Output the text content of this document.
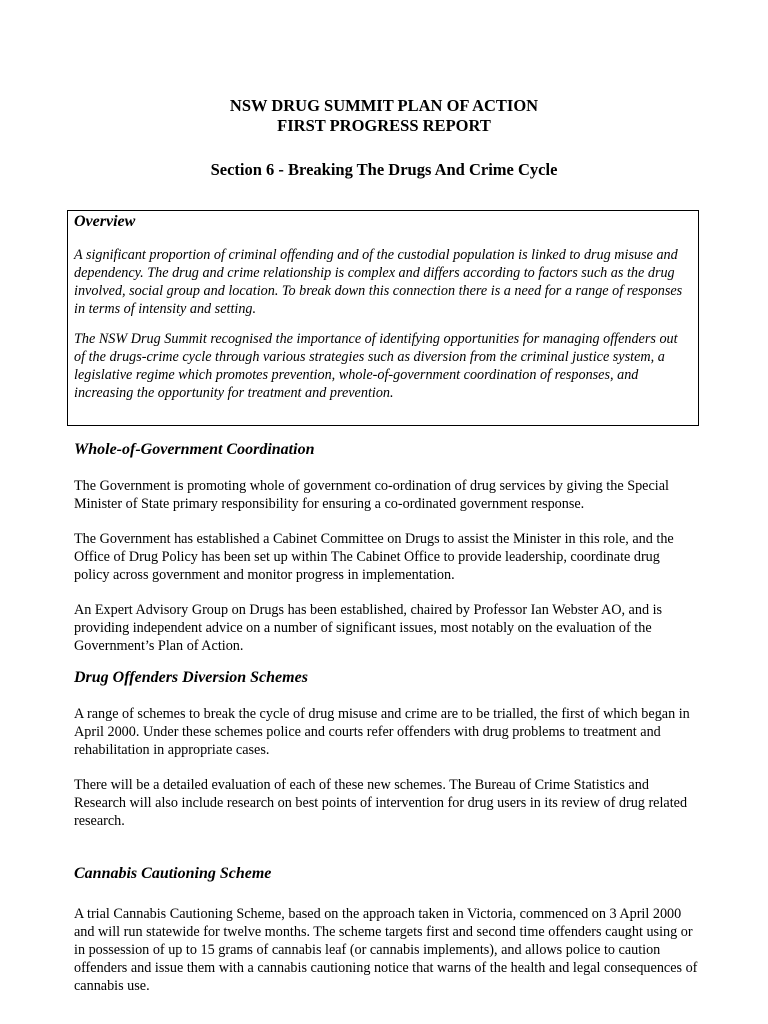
NSW DRUG SUMMIT PLAN OF ACTION
FIRST PROGRESS REPORT
Section 6 - Breaking The Drugs And Crime Cycle
Overview

A significant proportion of criminal offending and of the custodial population is linked to drug misuse and dependency. The drug and crime relationship is complex and differs according to factors such as the drug involved, social group and location. To break down this connection there is a need for a range of responses in terms of intensity and setting.

The NSW Drug Summit recognised the importance of identifying opportunities for managing offenders out of the drugs-crime cycle through various strategies such as diversion from the criminal justice system, a legislative regime which promotes prevention, whole-of-government coordination of responses, and increasing the opportunity for treatment and prevention.

Whole-of-Government Coordination

The Government is promoting whole of government co-ordination of drug services by giving the Special Minister of State primary responsibility for ensuring a co-ordinated government response.

The Government has established a Cabinet Committee on Drugs to assist the Minister in this role, and the Office of Drug Policy has been set up within The Cabinet Office to provide leadership, coordinate drug policy across government and monitor progress in implementation.

An Expert Advisory Group on Drugs has been established, chaired by Professor Ian Webster AO, and is providing independent advice on a number of significant issues, most notably on the evaluation of the Government’s Plan of Action.

Drug Offenders Diversion Schemes

A range of schemes to break the cycle of drug misuse and crime are to be trialled, the first of which began in April 2000. Under these schemes police and courts refer offenders with drug problems to treatment and rehabilitation in appropriate cases.

There will be a detailed evaluation of each of these new schemes. The Bureau of Crime Statistics and Research will also include research on best points of intervention for drug users in its review of drug related research.

Cannabis Cautioning Scheme

A trial Cannabis Cautioning Scheme, based on the approach taken in Victoria, commenced on 3 April 2000 and will run statewide for twelve months. The scheme targets first and second time offenders caught using or in possession of up to 15 grams of cannabis leaf (or cannabis implements), and allows police to caution offenders and issue them with a cannabis cautioning notice that warns of the health and legal consequences of cannabis use.
